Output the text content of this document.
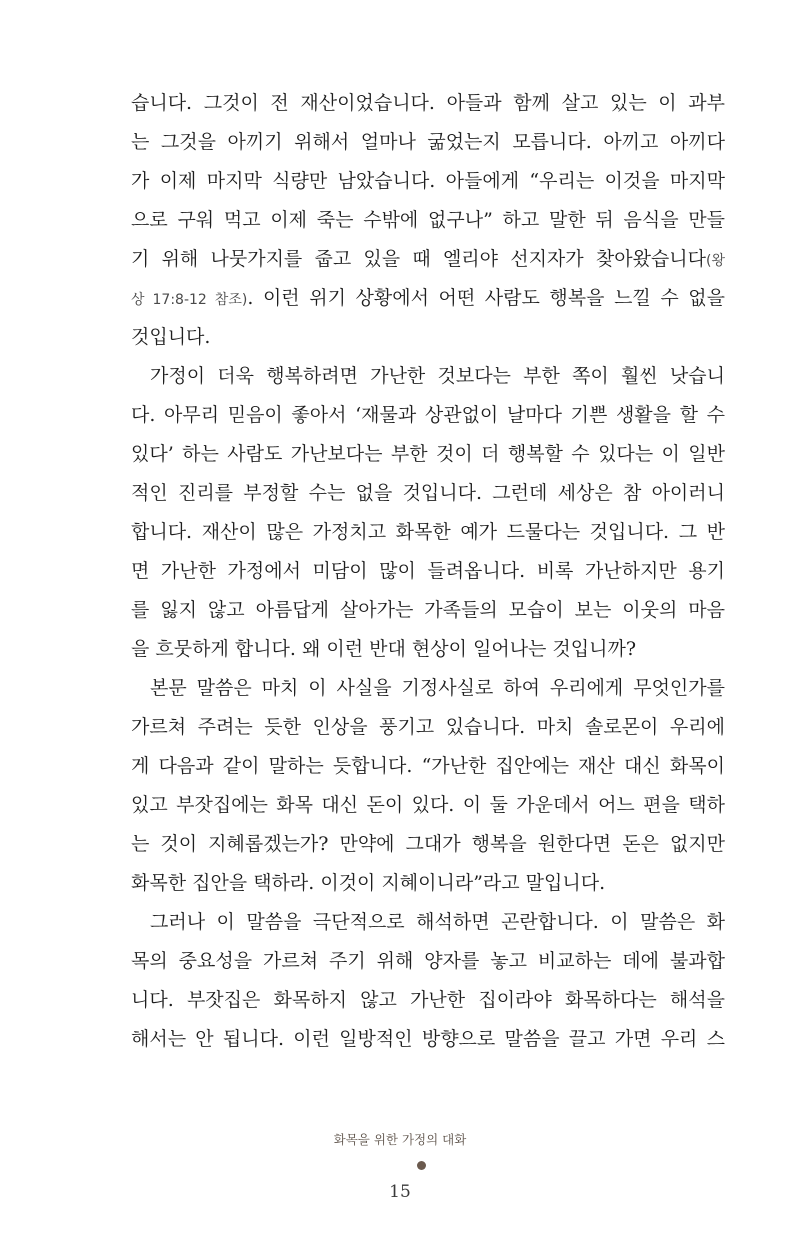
습니다. 그것이 전 재산이었습니다. 아들과 함께 살고 있는 이 과부
는 그것을 아끼기 위해서 얼마나 굶었는지 모릅니다. 아끼고 아끼다
가 이제 마지막 식량만 남았습니다. 아들에게 “우리는 이것을 마지막
으로 구워 먹고 이제 죽는 수밖에 없구나” 하고 말한 뒤 음식을 만들
기 위해 나뭇가지를 줍고 있을 때 엘리야 선지자가 찾아왔습니다(왕
상 17:8-12 참조). 이런 위기 상황에서 어떤 사람도 행복을 느낄 수 없을
것입니다.
가정이 더욱 행복하려면 가난한 것보다는 부한 쪽이 훨씬 낫습니
다. 아무리 믿음이 좋아서 ‘재물과 상관없이 날마다 기쁜 생활을 할 수
있다’ 하는 사람도 가난보다는 부한 것이 더 행복할 수 있다는 이 일반
적인 진리를 부정할 수는 없을 것입니다. 그런데 세상은 참 아이러니
합니다. 재산이 많은 가정치고 화목한 예가 드물다는 것입니다. 그 반
면 가난한 가정에서 미담이 많이 들려옵니다. 비록 가난하지만 용기
를 잃지 않고 아름답게 살아가는 가족들의 모습이 보는 이웃의 마음
을 흐뭇하게 합니다. 왜 이런 반대 현상이 일어나는 것입니까?
본문 말씀은 마치 이 사실을 기정사실로 하여 우리에게 무엇인가를
가르쳐 주려는 듯한 인상을 풍기고 있습니다. 마치 솔로몬이 우리에
게 다음과 같이 말하는 듯합니다. “가난한 집안에는 재산 대신 화목이
있고 부잣집에는 화목 대신 돈이 있다. 이 둘 가운데서 어느 편을 택하
는 것이 지혜롭겠는가? 만약에 그대가 행복을 원한다면 돈은 없지만
화목한 집안을 택하라. 이것이 지혜이니라”라고 말입니다.
그러나 이 말씀을 극단적으로 해석하면 곤란합니다. 이 말씀은 화
목의 중요성을 가르쳐 주기 위해 양자를 놓고 비교하는 데에 불과합
니다. 부잣집은 화목하지 않고 가난한 집이라야 화목하다는 해석을
해서는 안 됩니다. 이런 일방적인 방향으로 말씀을 끌고 가면 우리 스
화목을 위한 가정의 대화
15
